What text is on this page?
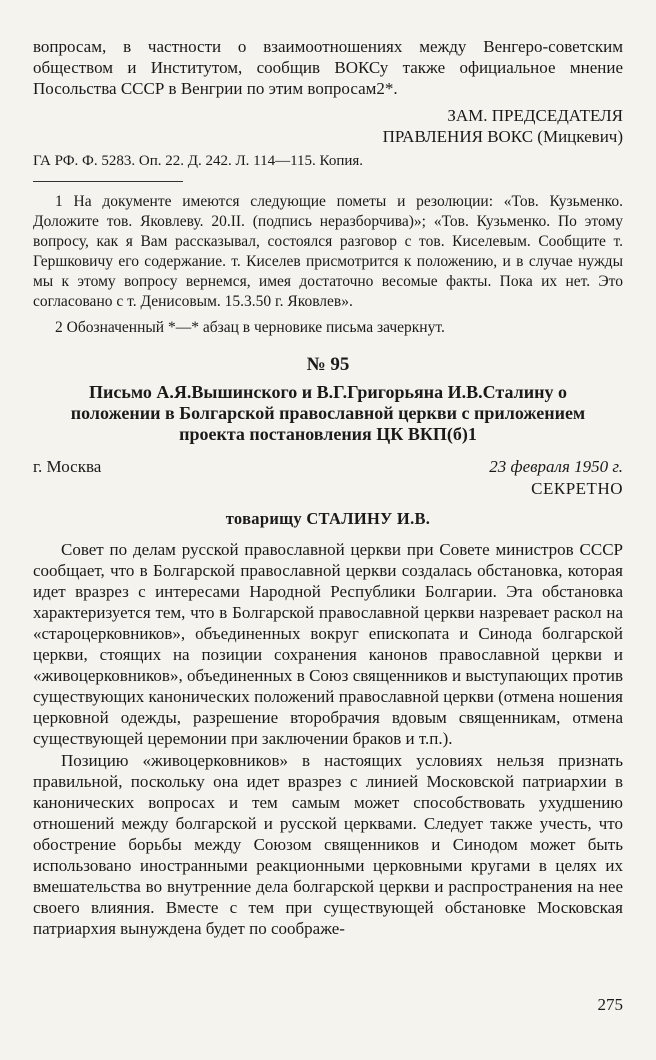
вопросам, в частности о взаимоотношениях между Венгеро-советским обществом и Институтом, сообщив ВОКСу также официальное мнение Посольства СССР в Венгрии по этим вопросам2*.

ЗАМ. ПРЕДСЕДАТЕЛЯ
ПРАВЛЕНИЯ ВОКС (Мицкевич)

ГА РФ. Ф. 5283. Оп. 22. Д. 242. Л. 114—115. Копия.

1 На документе имеются следующие пометы и резолюции: «Тов. Кузьменко. Доложите тов. Яковлеву. 20.II. (подпись неразборчива)»; «Тов. Кузьменко. По этому вопросу, как я Вам рассказывал, состоялся разговор с тов. Киселевым. Сообщите т. Гершковичу его содержание. т. Киселев присмотрится к положению, и в случае нужды мы к этому вопросу вернемся, имея достаточно весомые факты. Пока их нет. Это согласовано с т. Денисовым. 15.3.50 г. Яковлев».

2 Обозначенный *—* абзац в черновике письма зачеркнут.

№ 95
Письмо А.Я.Вышинского и В.Г.Григорьяна И.В.Сталину о положении в Болгарской православной церкви с приложением проекта постановления ЦК ВКП(б)1
г. Москва	23 февраля 1950 г.
СЕКРЕТНО
товарищу СТАЛИНУ И.В.

Совет по делам русской православной церкви при Совете министров СССР сообщает, что в Болгарской православной церкви создалась обстановка, которая идет вразрез с интересами Народной Республики Болгарии. Эта обстановка характеризуется тем, что в Болгарской православной церкви назревает раскол на «староцерковников», объединенных вокруг епископата и Синода болгарской церкви, стоящих на позиции сохранения канонов православной церкви и «живоцерковников», объединенных в Союз священников и выступающих против существующих канонических положений православной церкви (отмена ношения церковной одежды, разрешение второбрачия вдовым священникам, отмена существующей церемонии при заключении браков и т.п.).

Позицию «живоцерковников» в настоящих условиях нельзя признать правильной, поскольку она идет вразрез с линией Московской патриархии в канонических вопросах и тем самым может способствовать ухудшению отношений между болгарской и русской церквами. Следует также учесть, что обострение борьбы между Союзом священников и Синодом может быть использовано иностранными реакционными церковными кругами в целях их вмешательства во внутренние дела болгарской церкви и распространения на нее своего влияния. Вместе с тем при существующей обстановке Московская патриархия вынуждена будет по соображе-

275
